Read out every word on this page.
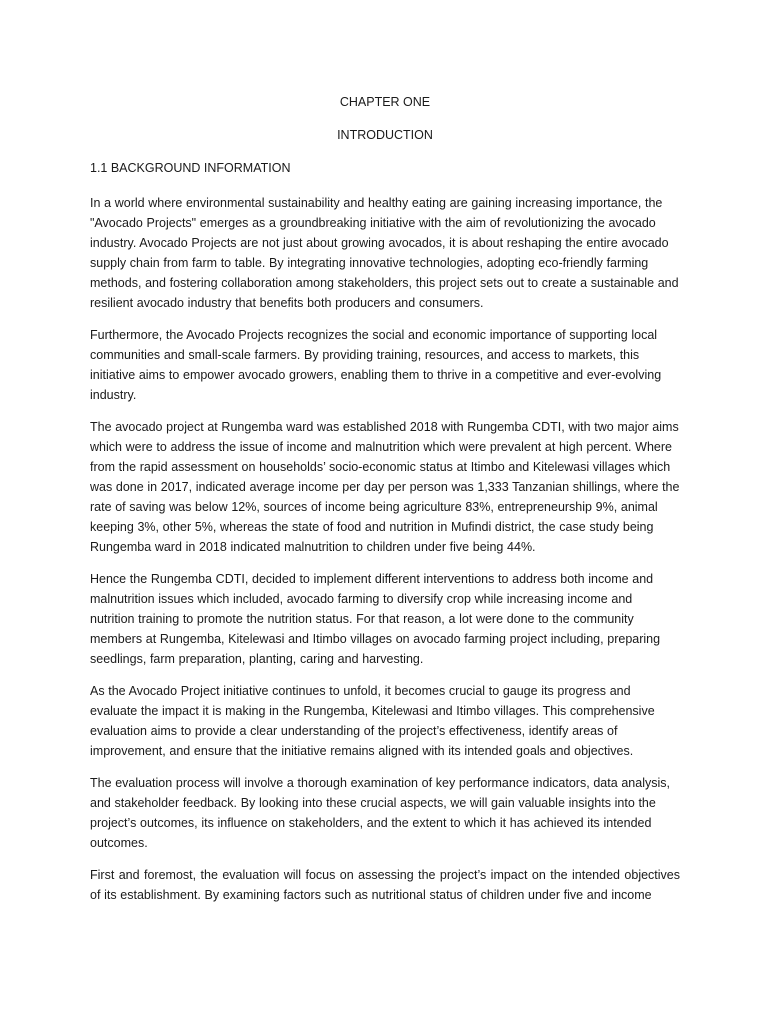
CHAPTER ONE

INTRODUCTION

1.1 BACKGROUND INFORMATION

In a world where environmental sustainability and healthy eating are gaining increasing importance, the "Avocado Projects" emerges as a groundbreaking initiative with the aim of revolutionizing the avocado industry. Avocado Projects are not just about growing avocados, it is about reshaping the entire avocado supply chain from farm to table. By integrating innovative technologies, adopting eco-friendly farming methods, and fostering collaboration among stakeholders, this project sets out to create a sustainable and resilient avocado industry that benefits both producers and consumers.

Furthermore, the Avocado Projects recognizes the social and economic importance of supporting local communities and small-scale farmers. By providing training, resources, and access to markets, this initiative aims to empower avocado growers, enabling them to thrive in a competitive and ever-evolving industry.

The avocado project at Rungemba ward was established 2018 with Rungemba CDTI, with two major aims which were to address the issue of income and malnutrition which were prevalent at high percent. Where from the rapid assessment on households’ socio-economic status at Itimbo and Kitelewasi villages which was done in 2017, indicated average income per day per person was 1,333 Tanzanian shillings, where the rate of saving was below 12%, sources of income being agriculture 83%, entrepreneurship 9%, animal keeping 3%, other 5%, whereas the state of food and nutrition in Mufindi district, the case study being Rungemba ward in 2018 indicated malnutrition to children under five being 44%.

Hence the Rungemba CDTI, decided to implement different interventions to address both income and malnutrition issues which included, avocado farming to diversify crop while increasing income and nutrition training to promote the nutrition status. For that reason, a lot were done to the community members at Rungemba, Kitelewasi and Itimbo villages on avocado farming project including, preparing seedlings, farm preparation, planting, caring and harvesting.

As the Avocado Project initiative continues to unfold, it becomes crucial to gauge its progress and evaluate the impact it is making in the Rungemba, Kitelewasi and Itimbo villages. This comprehensive evaluation aims to provide a clear understanding of the project’s effectiveness, identify areas of improvement, and ensure that the initiative remains aligned with its intended goals and objectives.

The evaluation process will involve a thorough examination of key performance indicators, data analysis, and stakeholder feedback. By looking into these crucial aspects, we will gain valuable insights into the project’s outcomes, its influence on stakeholders, and the extent to which it has achieved its intended outcomes.

First and foremost, the evaluation will focus on assessing the project’s impact on the intended objectives of its establishment. By examining factors such as nutritional status of children under five and income
